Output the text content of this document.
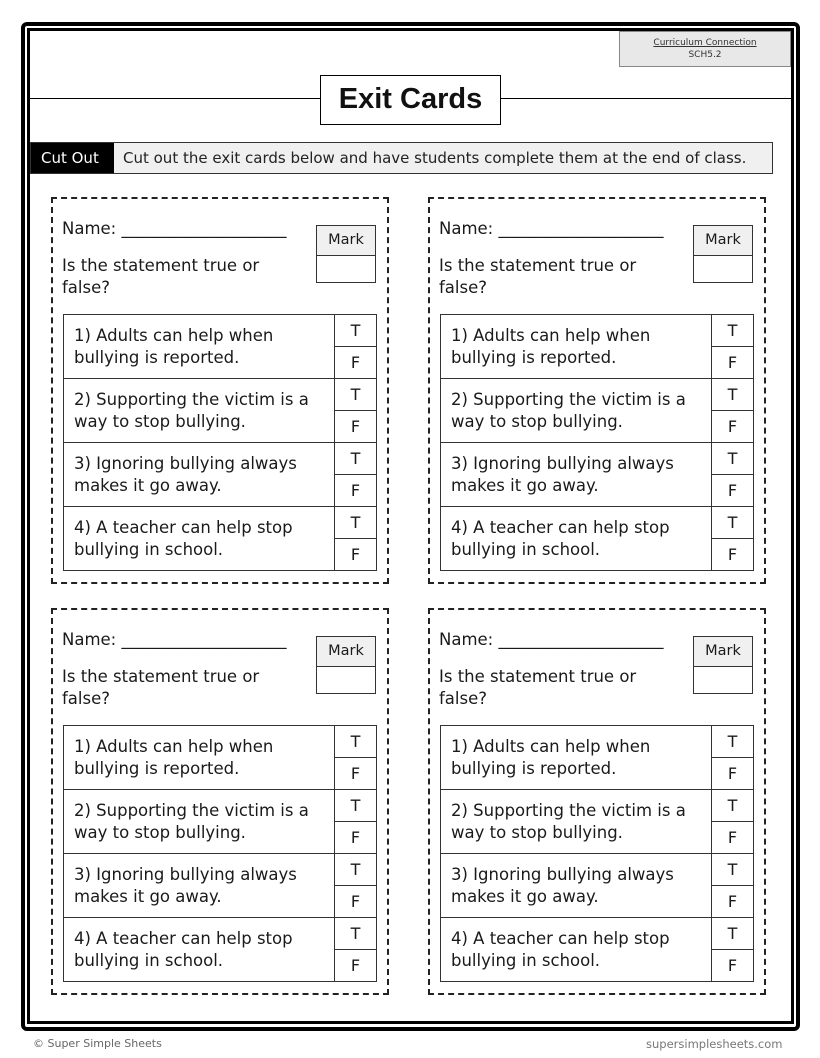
Curriculum Connection
SCH5.2
Exit Cards
Cut Out	Cut out the exit cards below and have students complete them at the end of class.
Name: ____________________
Is the statement true or false?
Mark
1) Adults can help when bullying is reported.	T
	F
2) Supporting the victim is a way to stop bullying.	T
	F
3) Ignoring bullying always makes it go away.	T
	F
4) A teacher can help stop bullying in school.	T
	F
Name: ____________________
Is the statement true or false?
Mark
1) Adults can help when bullying is reported.	T
	F
2) Supporting the victim is a way to stop bullying.	T
	F
3) Ignoring bullying always makes it go away.	T
	F
4) A teacher can help stop bullying in school.	T
	F
Name: ____________________
Is the statement true or false?
Mark
1) Adults can help when bullying is reported.	T
	F
2) Supporting the victim is a way to stop bullying.	T
	F
3) Ignoring bullying always makes it go away.	T
	F
4) A teacher can help stop bullying in school.	T
	F
Name: ____________________
Is the statement true or false?
Mark
1) Adults can help when bullying is reported.	T
	F
2) Supporting the victim is a way to stop bullying.	T
	F
3) Ignoring bullying always makes it go away.	T
	F
4) A teacher can help stop bullying in school.	T
	F
© Super Simple Sheets	supersimplesheets.com
